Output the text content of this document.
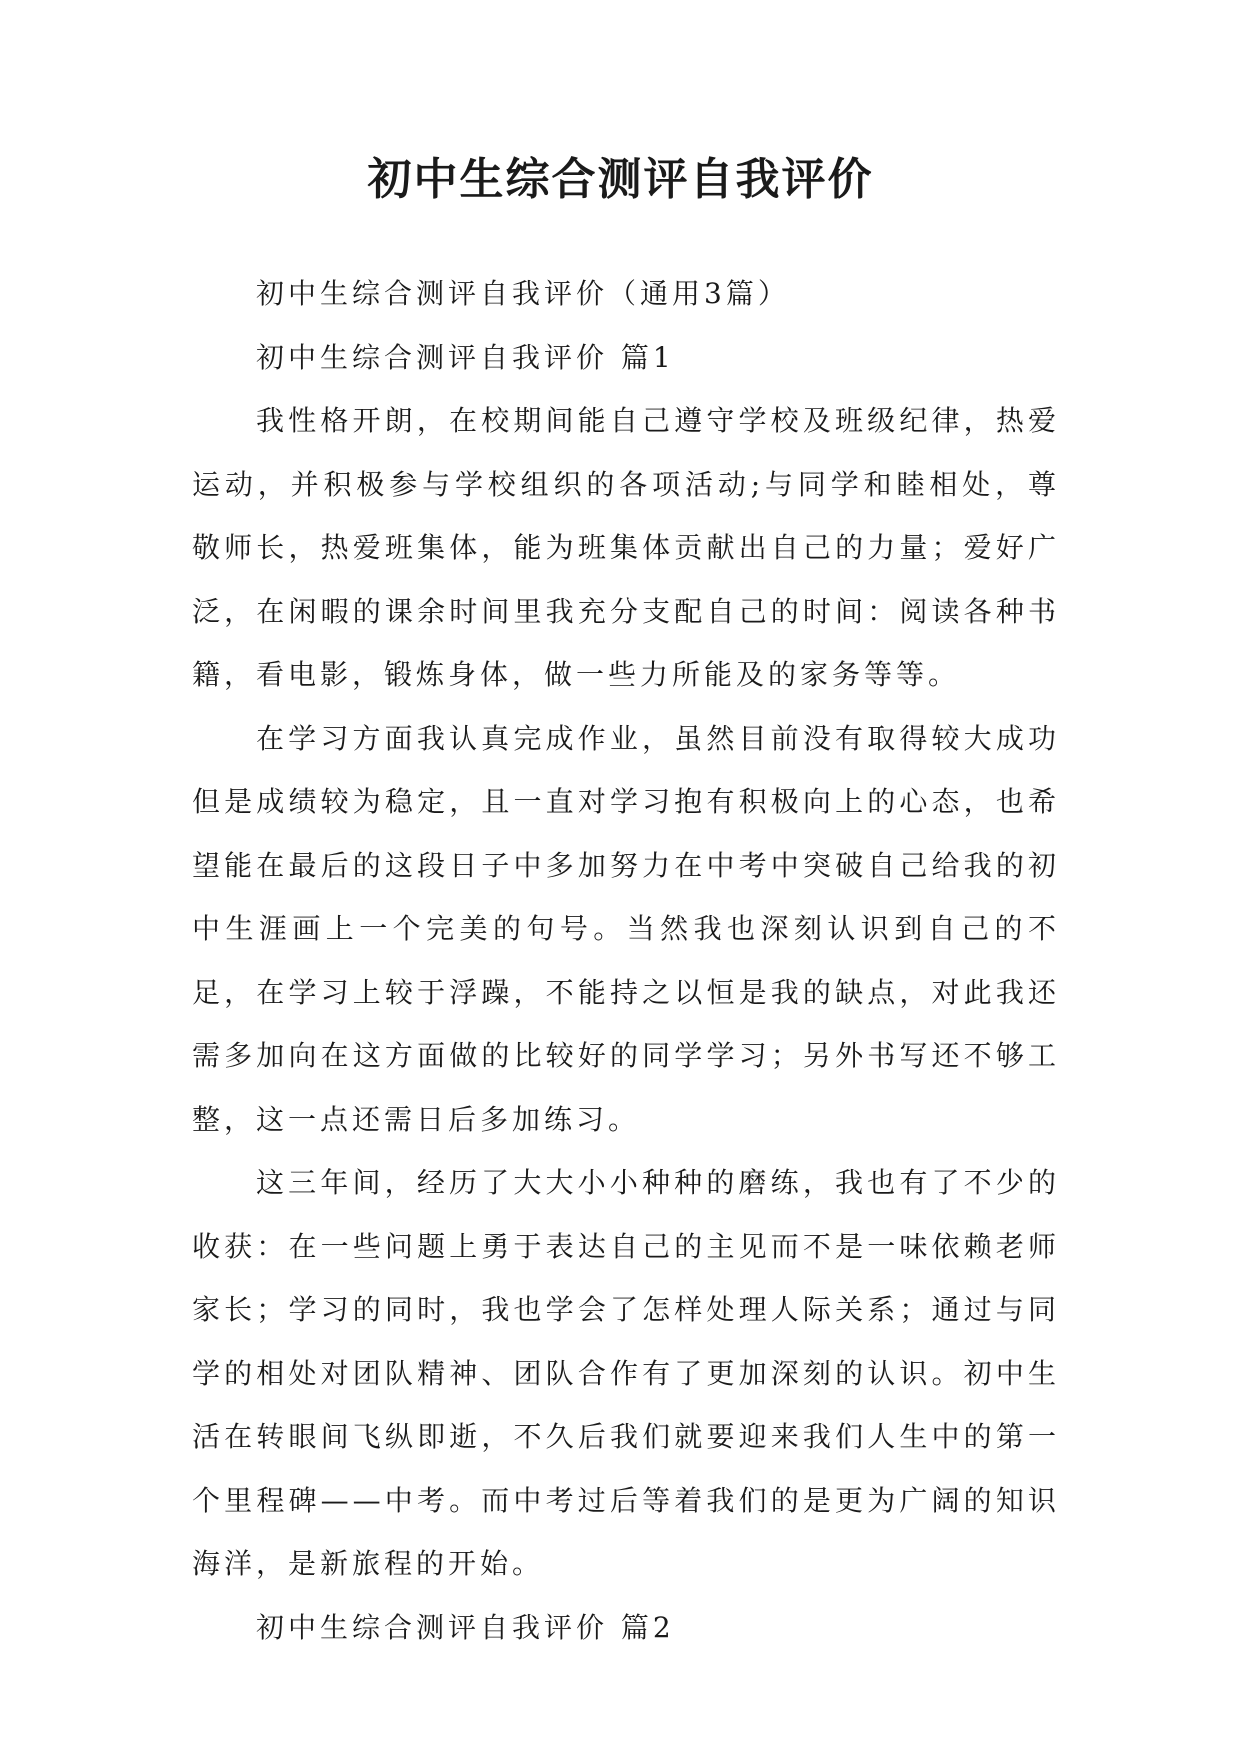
初中生综合测评自我评价

初中生综合测评自我评价（通用3篇）

初中生综合测评自我评价 篇1

我性格开朗，在校期间能自己遵守学校及班级纪律，热爱运动，并积极参与学校组织的各项活动;与同学和睦相处，尊敬师长，热爱班集体，能为班集体贡献出自己的力量；爱好广泛，在闲暇的课余时间里我充分支配自己的时间：阅读各种书籍，看电影，锻炼身体，做一些力所能及的家务等等。

在学习方面我认真完成作业，虽然目前没有取得较大成功但是成绩较为稳定，且一直对学习抱有积极向上的心态，也希望能在最后的这段日子中多加努力在中考中突破自己给我的初中生涯画上一个完美的句号。当然我也深刻认识到自己的不足，在学习上较于浮躁，不能持之以恒是我的缺点，对此我还需多加向在这方面做的比较好的同学学习；另外书写还不够工整，这一点还需日后多加练习。

这三年间，经历了大大小小种种的磨练，我也有了不少的收获：在一些问题上勇于表达自己的主见而不是一味依赖老师家长；学习的同时，我也学会了怎样处理人际关系；通过与同学的相处对团队精神、团队合作有了更加深刻的认识。初中生活在转眼间飞纵即逝，不久后我们就要迎来我们人生中的第一个里程碑——中考。而中考过后等着我们的是更为广阔的知识海洋，是新旅程的开始。

初中生综合测评自我评价 篇2
